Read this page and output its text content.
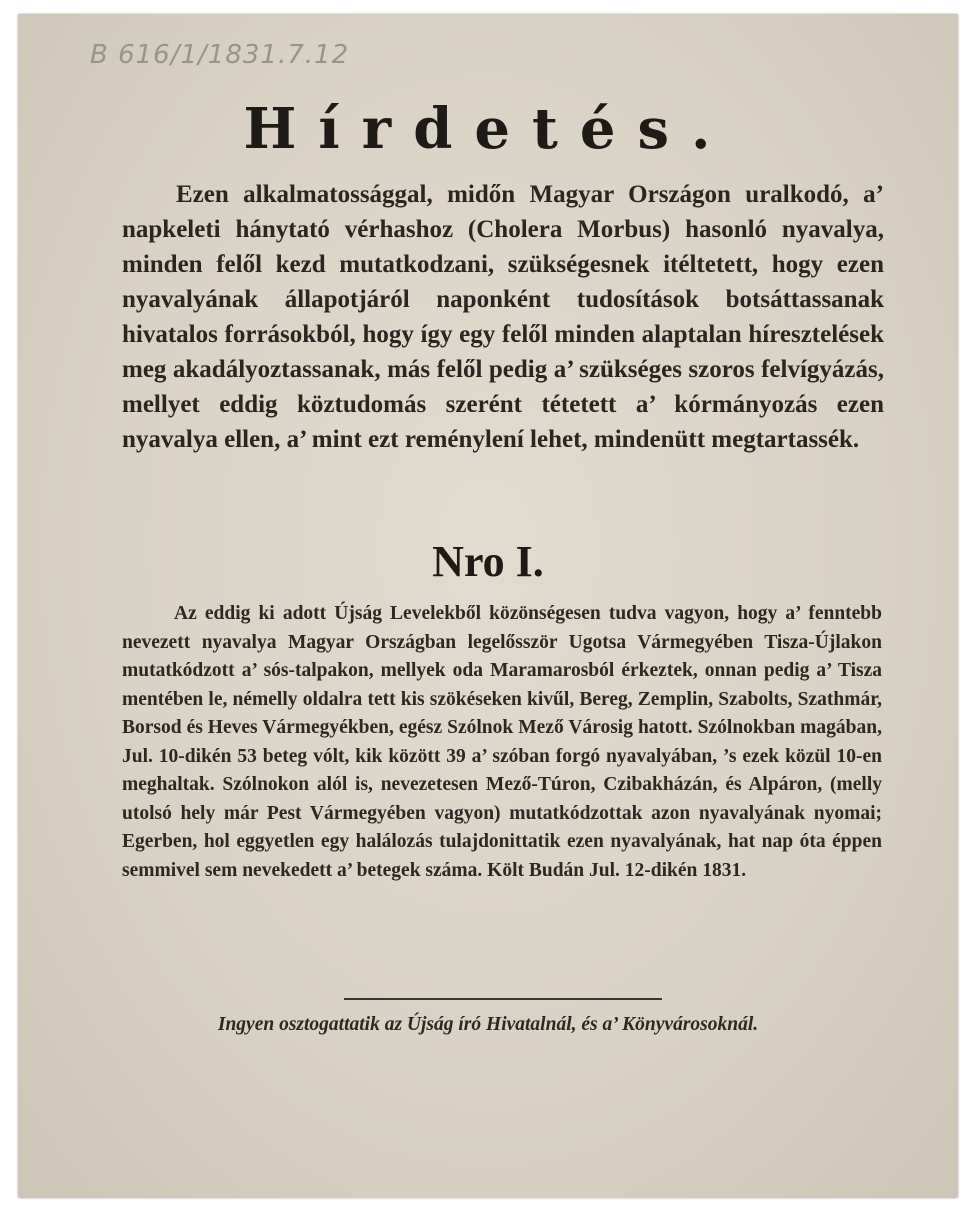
B 616/1/1831.7.12
Hírdetés.

Ezen alkalmatossággal, midőn Magyar Országon uralkodó, a’ napkeleti hánytató vérhashoz (Cholera Morbus) hasonló nyavalya, minden felől kezd mutatkodzani, szükségesnek itéltetett, hogy ezen nyavalyának állapotjáról naponként tudosítások botsáttassanak hivatalos forrásokból, hogy így egy felől minden alaptalan híresztelések meg akadályoztassanak, más felől pedig a’ szükséges szoros felvígyázás, mellyet eddig köztudomás szerént tétetett a’ kórmányozás ezen nyavalya ellen, a’ mint ezt reménylení lehet, mindenütt megtartassék.

Nro I.

Az eddig ki adott Újság Levelekből közönségesen tudva vagyon, hogy a’ fenntebb nevezett nyavalya Magyar Országban legelősször Ugotsa Vármegyében Tisza-Újlakon mutatkódzott a’ sós-talpakon, mellyek oda Maramarosból érkeztek, onnan pedig a’ Tisza mentében le, némelly oldalra tett kis szökéseken kivűl, Bereg, Zemplin, Szabolts, Szathmár, Borsod és Heves Vármegyékben, egész Szólnok Mező Városig hatott. Szólnokban magában, Jul. 10-dikén 53 beteg vólt, kik között 39 a’ szóban forgó nyavalyában, ’s ezek közül 10-en meghaltak. Szólnokon alól is, nevezetesen Mező-Túron, Czibakházán, és Alpáron, (melly utolsó hely már Pest Vármegyében vagyon) mutatkódzottak azon nyavalyának nyomai; Egerben, hol eggyetlen egy halálozás tulajdonittatik ezen nyavalyának, hat nap óta éppen semmivel sem nevekedett a’ betegek száma. Költ Budán Jul. 12-dikén 1831.

Ingyen osztogattatik az Újság író Hivatalnál, és a’ Könyvárosoknál.
